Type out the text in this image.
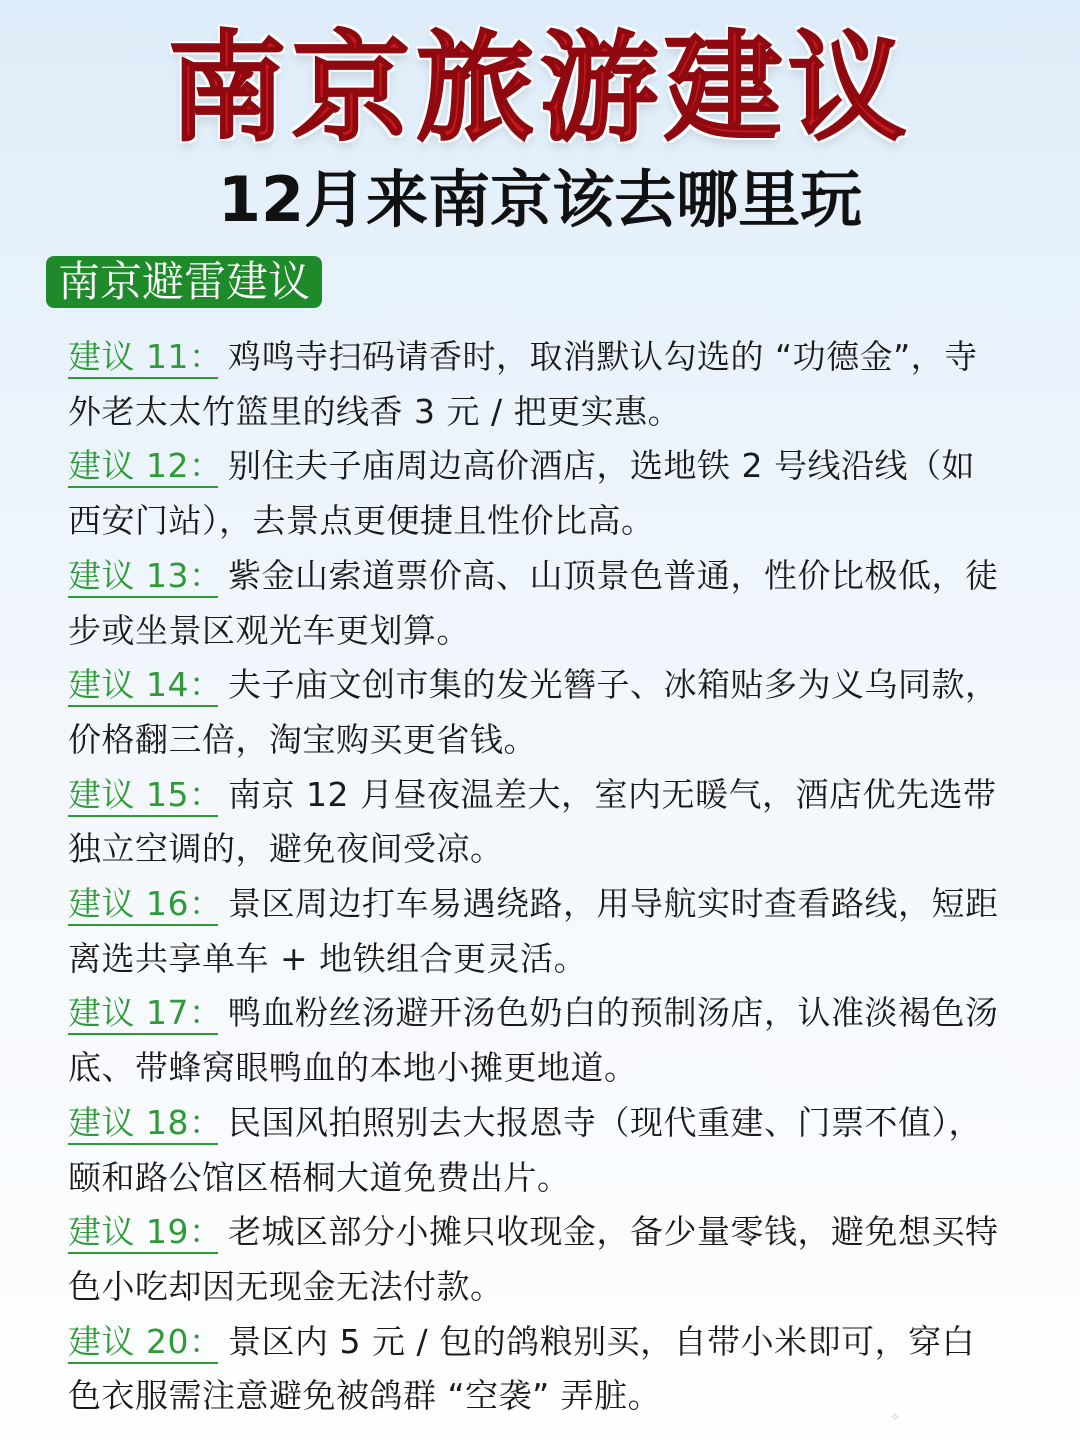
南京旅游建议
12月来南京该去哪里玩
南京避雷建议
建议 11： 鸡鸣寺扫码请香时，取消默认勾选的 “功德金”，寺外老太太竹篮里的线香 3 元 / 把更实惠。
建议 12： 别住夫子庙周边高价酒店，选地铁 2 号线沿线（如西安门站），去景点更便捷且性价比高。
建议 13： 紫金山索道票价高、山顶景色普通，性价比极低，徒步或坐景区观光车更划算。
建议 14： 夫子庙文创市集的发光簪子、冰箱贴多为义乌同款，价格翻三倍，淘宝购买更省钱。
建议 15： 南京 12 月昼夜温差大，室内无暖气，酒店优先选带独立空调的，避免夜间受凉。
建议 16： 景区周边打车易遇绕路，用导航实时查看路线，短距离选共享单车 + 地铁组合更灵活。
建议 17： 鸭血粉丝汤避开汤色奶白的预制汤店，认准淡褐色汤底、带蜂窝眼鸭血的本地小摊更地道。
建议 18： 民国风拍照别去大报恩寺（现代重建、门票不值），颐和路公馆区梧桐大道免费出片。
建议 19： 老城区部分小摊只收现金，备少量零钱，避免想买特色小吃却因无现金无法付款。
建议 20： 景区内 5 元 / 包的鸽粮别买，自带小米即可，穿白色衣服需注意避免被鸽群 “空袭” 弄脏。
✧
